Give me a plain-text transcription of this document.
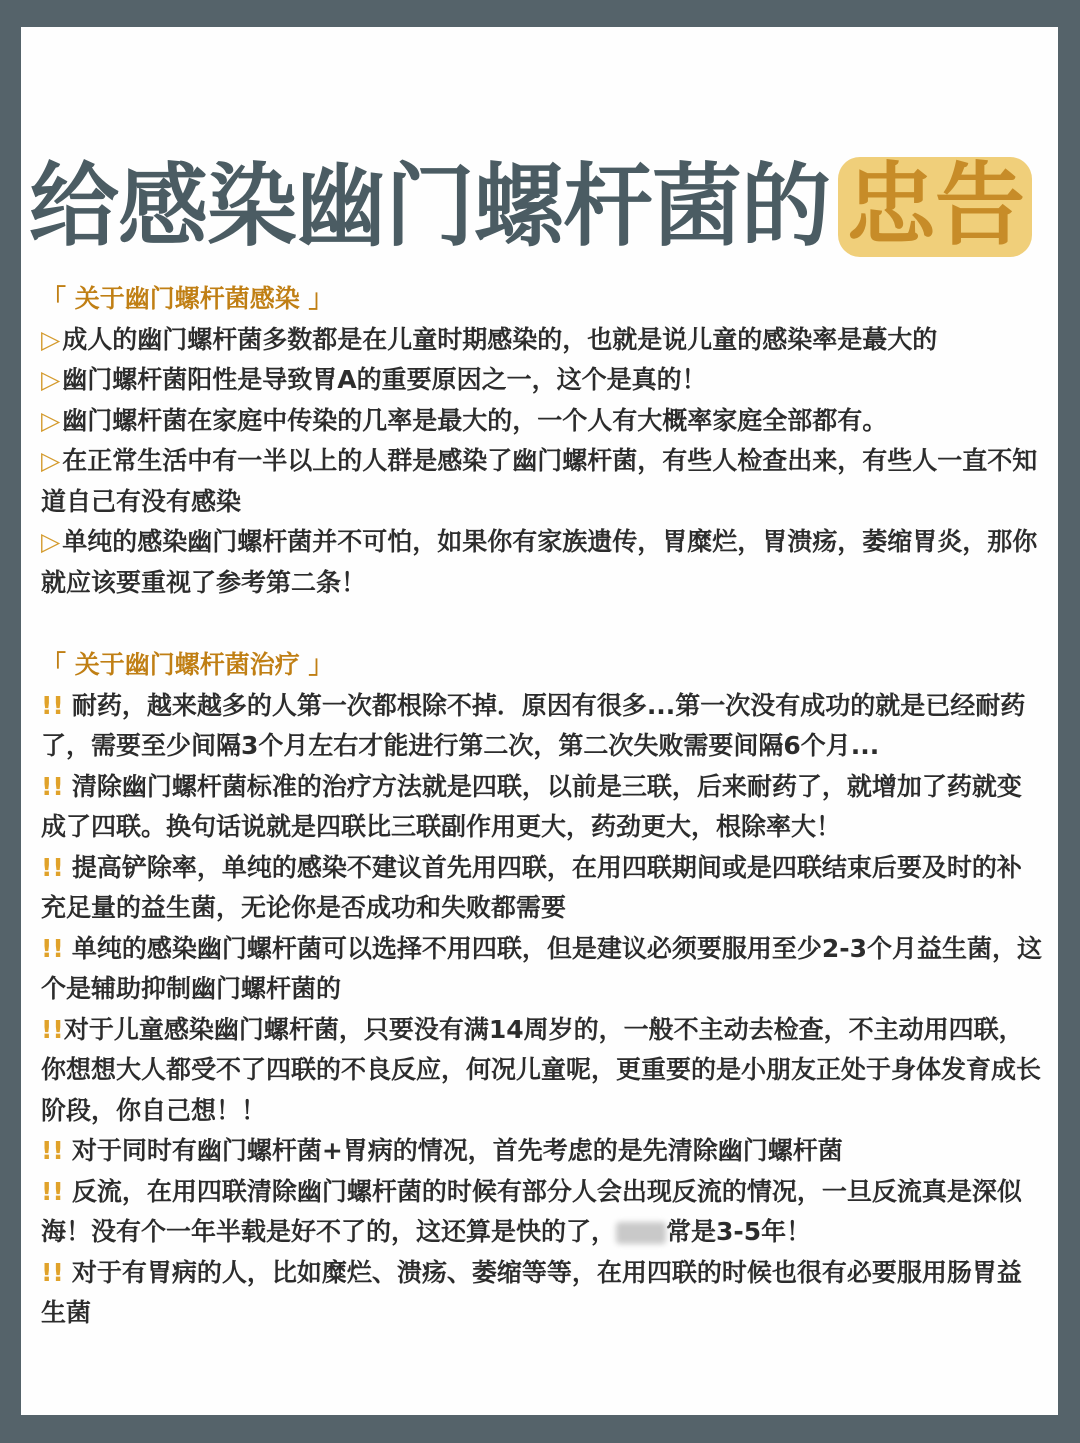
给感染幽门螺杆菌的 忠告
「 关于幽门螺杆菌感染 」

▷成人的幽门螺杆菌多数都是在儿童时期感染的，也就是说儿童的感染率是蕞大的

▷幽门螺杆菌阳性是导致胃A的重要原因之一，这个是真的！

▷幽门螺杆菌在家庭中传染的几率是最大的，一个人有大概率家庭全部都有。

▷在正常生活中有一半以上的人群是感染了幽门螺杆菌，有些人检查出来，有些人一直不知道自己有没有感染

▷单纯的感染幽门螺杆菌并不可怕，如果你有家族遗传，胃糜烂，胃溃疡，萎缩胃炎，那你就应该要重视了参考第二条！

「 关于幽门螺杆菌治疗 」

!! 耐药，越来越多的人第一次都根除不掉．原因有很多...第一次没有成功的就是已经耐药了，需要至少间隔3个月左右才能进行第二次，第二次失败需要间隔6个月...

!! 清除幽门螺杆菌标准的治疗方法就是四联，以前是三联，后来耐药了，就增加了药就变成了四联。换句话说就是四联比三联副作用更大，药劲更大，根除率大！

!! 提高铲除率，单纯的感染不建议首先用四联，在用四联期间或是四联结束后要及时的补充足量的益生菌，无论你是否成功和失败都需要

!! 单纯的感染幽门螺杆菌可以选择不用四联，但是建议必须要服用至少2-3个月益生菌，这个是辅助抑制幽门螺杆菌的

!!对于儿童感染幽门螺杆菌，只要没有满14周岁的，一般不主动去检查，不主动用四联，你想想大人都受不了四联的不良反应，何况儿童呢，更重要的是小朋友正处于身体发育成长阶段，你自己想！！

!! 对于同时有幽门螺杆菌+胃病的情况，首先考虑的是先清除幽门螺杆菌

!! 反流，在用四联清除幽门螺杆菌的时候有部分人会出现反流的情况，一旦反流真是深似海！没有个一年半载是好不了的，这还算是快的了， 常是3-5年！

!! 对于有胃病的人，比如糜烂、溃疡、萎缩等等，在用四联的时候也很有必要服用肠胃益生菌
